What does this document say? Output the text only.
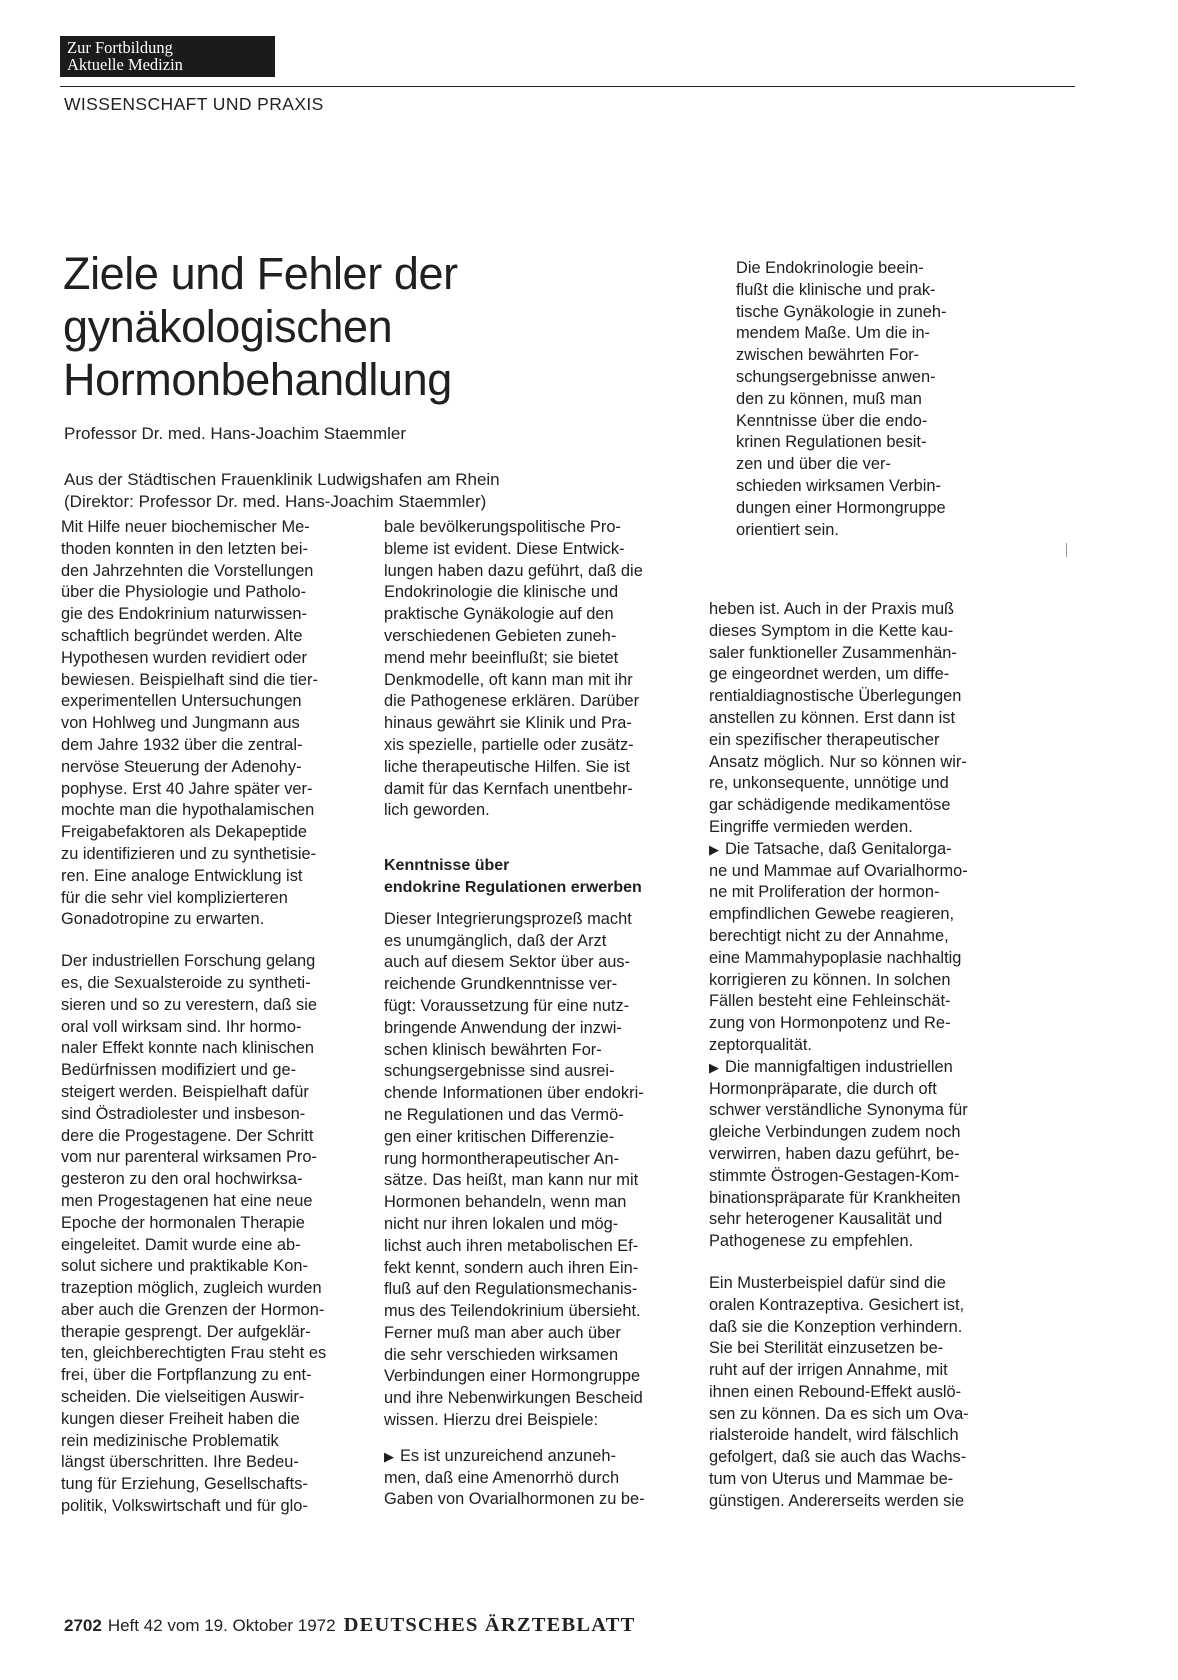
Zur Fortbildung
Aktuelle Medizin
WISSENSCHAFT UND PRAXIS
Ziele und Fehler der
gynäkologischen
Hormonbehandlung
Professor Dr. med. Hans-Joachim Staemmler
Aus der Städtischen Frauenklinik Ludwigshafen am Rhein
(Direktor: Professor Dr. med. Hans-Joachim Staemmler)
Die Endokrinologie beein-
flußt die klinische und prak-
tische Gynäkologie in zuneh-
mendem Maße. Um die in-
zwischen bewährten For-
schungsergebnisse anwen-
den zu können, muß man
Kenntnisse über die endo-
krinen Regulationen besit-
zen und über die ver-
schieden wirksamen Verbin-
dungen einer Hormongruppe
orientiert sein.
Mit Hilfe neuer biochemischer Me-
thoden konnten in den letzten bei-
den Jahrzehnten die Vorstellungen
über die Physiologie und Patholo-
gie des Endokrinium naturwissen-
schaftlich begründet werden. Alte
Hypothesen wurden revidiert oder
bewiesen. Beispielhaft sind die tier-
experimentellen Untersuchungen
von Hohlweg und Jungmann aus
dem Jahre 1932 über die zentral-
nervöse Steuerung der Adenohy-
pophyse. Erst 40 Jahre später ver-
mochte man die hypothalamischen
Freigabefaktoren als Dekapeptide
zu identifizieren und zu synthetisie-
ren. Eine analoge Entwicklung ist
für die sehr viel komplizierteren
Gonadotropine zu erwarten.
Der industriellen Forschung gelang
es, die Sexualsteroide zu syntheti-
sieren und so zu verestern, daß sie
oral voll wirksam sind. Ihr hormo-
naler Effekt konnte nach klinischen
Bedürfnissen modifiziert und ge-
steigert werden. Beispielhaft dafür
sind Östradiolester und insbeson-
dere die Progestagene. Der Schritt
vom nur parenteral wirksamen Pro-
gesteron zu den oral hochwirksa-
men Progestagenen hat eine neue
Epoche der hormonalen Therapie
eingeleitet. Damit wurde eine ab-
solut sichere und praktikable Kon-
trazeption möglich, zugleich wurden
aber auch die Grenzen der Hormon-
therapie gesprengt. Der aufgeklär-
ten, gleichberechtigten Frau steht es
frei, über die Fortpflanzung zu ent-
scheiden. Die vielseitigen Auswir-
kungen dieser Freiheit haben die
rein medizinische Problematik
längst überschritten. Ihre Bedeu-
tung für Erziehung, Gesellschafts-
politik, Volkswirtschaft und für glo-
bale bevölkerungspolitische Pro-
bleme ist evident. Diese Entwick-
lungen haben dazu geführt, daß die
Endokrinologie die klinische und
praktische Gynäkologie auf den
verschiedenen Gebieten zuneh-
mend mehr beeinflußt; sie bietet
Denkmodelle, oft kann man mit ihr
die Pathogenese erklären. Darüber
hinaus gewährt sie Klinik und Pra-
xis spezielle, partielle oder zusätz-
liche therapeutische Hilfen. Sie ist
damit für das Kernfach unentbehr-
lich geworden.
Kenntnisse über
endokrine Regulationen erwerben
Dieser Integrierungsprozeß macht
es unumgänglich, daß der Arzt
auch auf diesem Sektor über aus-
reichende Grundkenntnisse ver-
fügt: Voraussetzung für eine nutz-
bringende Anwendung der inzwi-
schen klinisch bewährten For-
schungsergebnisse sind ausrei-
chende Informationen über endokri-
ne Regulationen und das Vermö-
gen einer kritischen Differenzie-
rung hormontherapeutischer An-
sätze. Das heißt, man kann nur mit
Hormonen behandeln, wenn man
nicht nur ihren lokalen und mög-
lichst auch ihren metabolischen Ef-
fekt kennt, sondern auch ihren Ein-
fluß auf den Regulationsmechanis-
mus des Teilendokrinium übersieht.
Ferner muß man aber auch über
die sehr verschieden wirksamen
Verbindungen einer Hormongruppe
und ihre Nebenwirkungen Bescheid
wissen. Hierzu drei Beispiele:
▶ Es ist unzureichend anzuneh-
men, daß eine Amenorrhö durch
Gaben von Ovarialhormonen zu be-
heben ist. Auch in der Praxis muß
dieses Symptom in die Kette kau-
saler funktioneller Zusammenhän-
ge eingeordnet werden, um diffe-
rentialdiagnostische Überlegungen
anstellen zu können. Erst dann ist
ein spezifischer therapeutischer
Ansatz möglich. Nur so können wir-
re, unkonsequente, unnötige und
gar schädigende medikamentöse
Eingriffe vermieden werden.
▶ Die Tatsache, daß Genitalorga-
ne und Mammae auf Ovarialhormo-
ne mit Proliferation der hormon-
empfindlichen Gewebe reagieren,
berechtigt nicht zu der Annahme,
eine Mammahypoplasie nachhaltig
korrigieren zu können. In solchen
Fällen besteht eine Fehleinschät-
zung von Hormonpotenz und Re-
zeptorqualität.
▶ Die mannigfaltigen industriellen
Hormonpräparate, die durch oft
schwer verständliche Synonyma für
gleiche Verbindungen zudem noch
verwirren, haben dazu geführt, be-
stimmte Östrogen-Gestagen-Kom-
binationspräparate für Krankheiten
sehr heterogener Kausalität und
Pathogenese zu empfehlen.
Ein Musterbeispiel dafür sind die
oralen Kontrazeptiva. Gesichert ist,
daß sie die Konzeption verhindern.
Sie bei Sterilität einzusetzen be-
ruht auf der irrigen Annahme, mit
ihnen einen Rebound-Effekt auslö-
sen zu können. Da es sich um Ova-
rialsteroide handelt, wird fälschlich
gefolgert, daß sie auch das Wachs-
tum von Uterus und Mammae be-
günstigen. Andererseits werden sie
2702 Heft 42 vom 19. Oktober 1972 DEUTSCHES ÄRZTEBLATT
